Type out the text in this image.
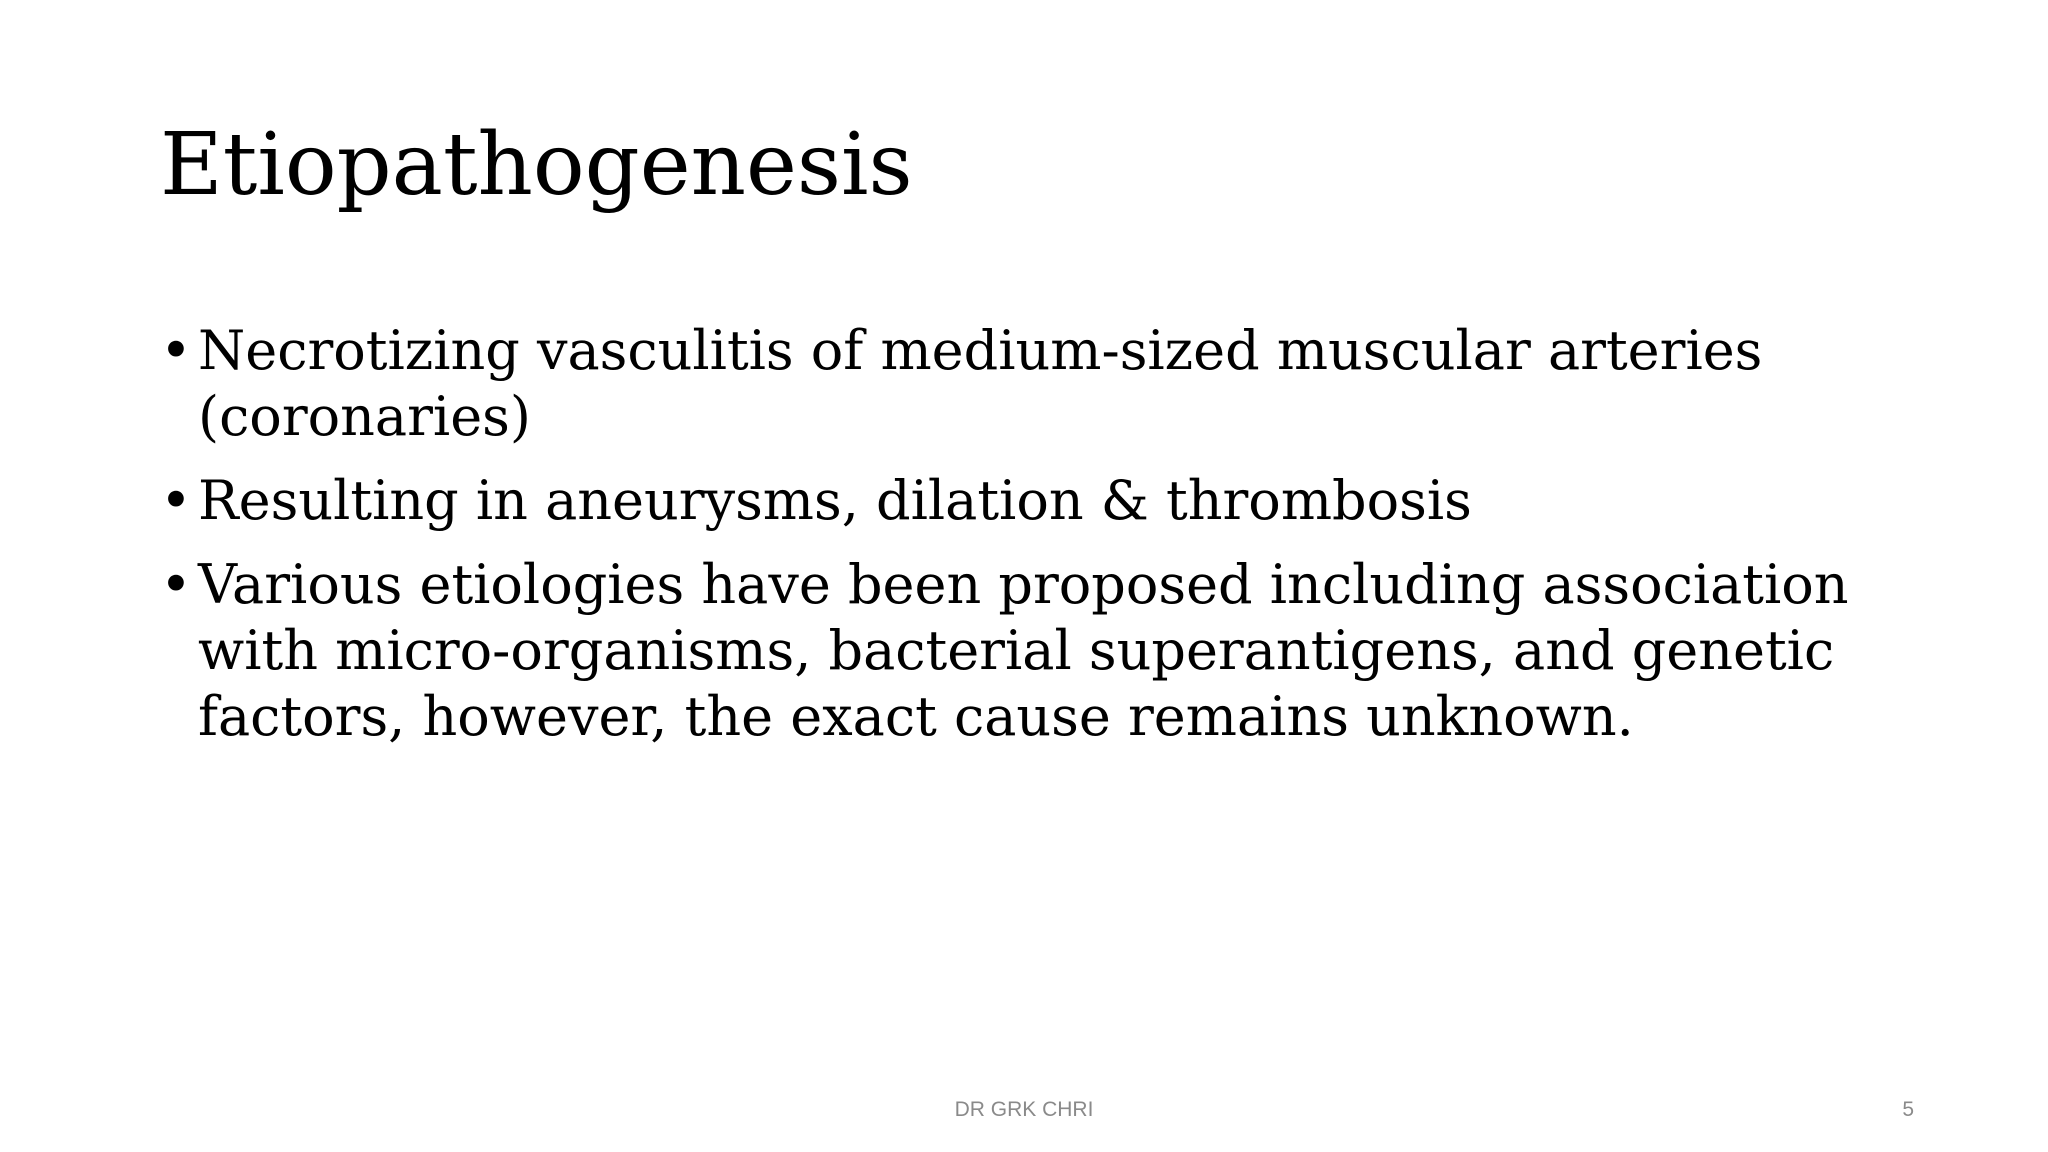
Etiopathogenesis
• Necrotizing vasculitis of medium-sized muscular arteries (coronaries)
• Resulting in aneurysms, dilation & thrombosis
• Various etiologies have been proposed including association with micro-organisms, bacterial superantigens, and genetic factors, however, the exact cause remains unknown.
DR GRK CHRI	5
